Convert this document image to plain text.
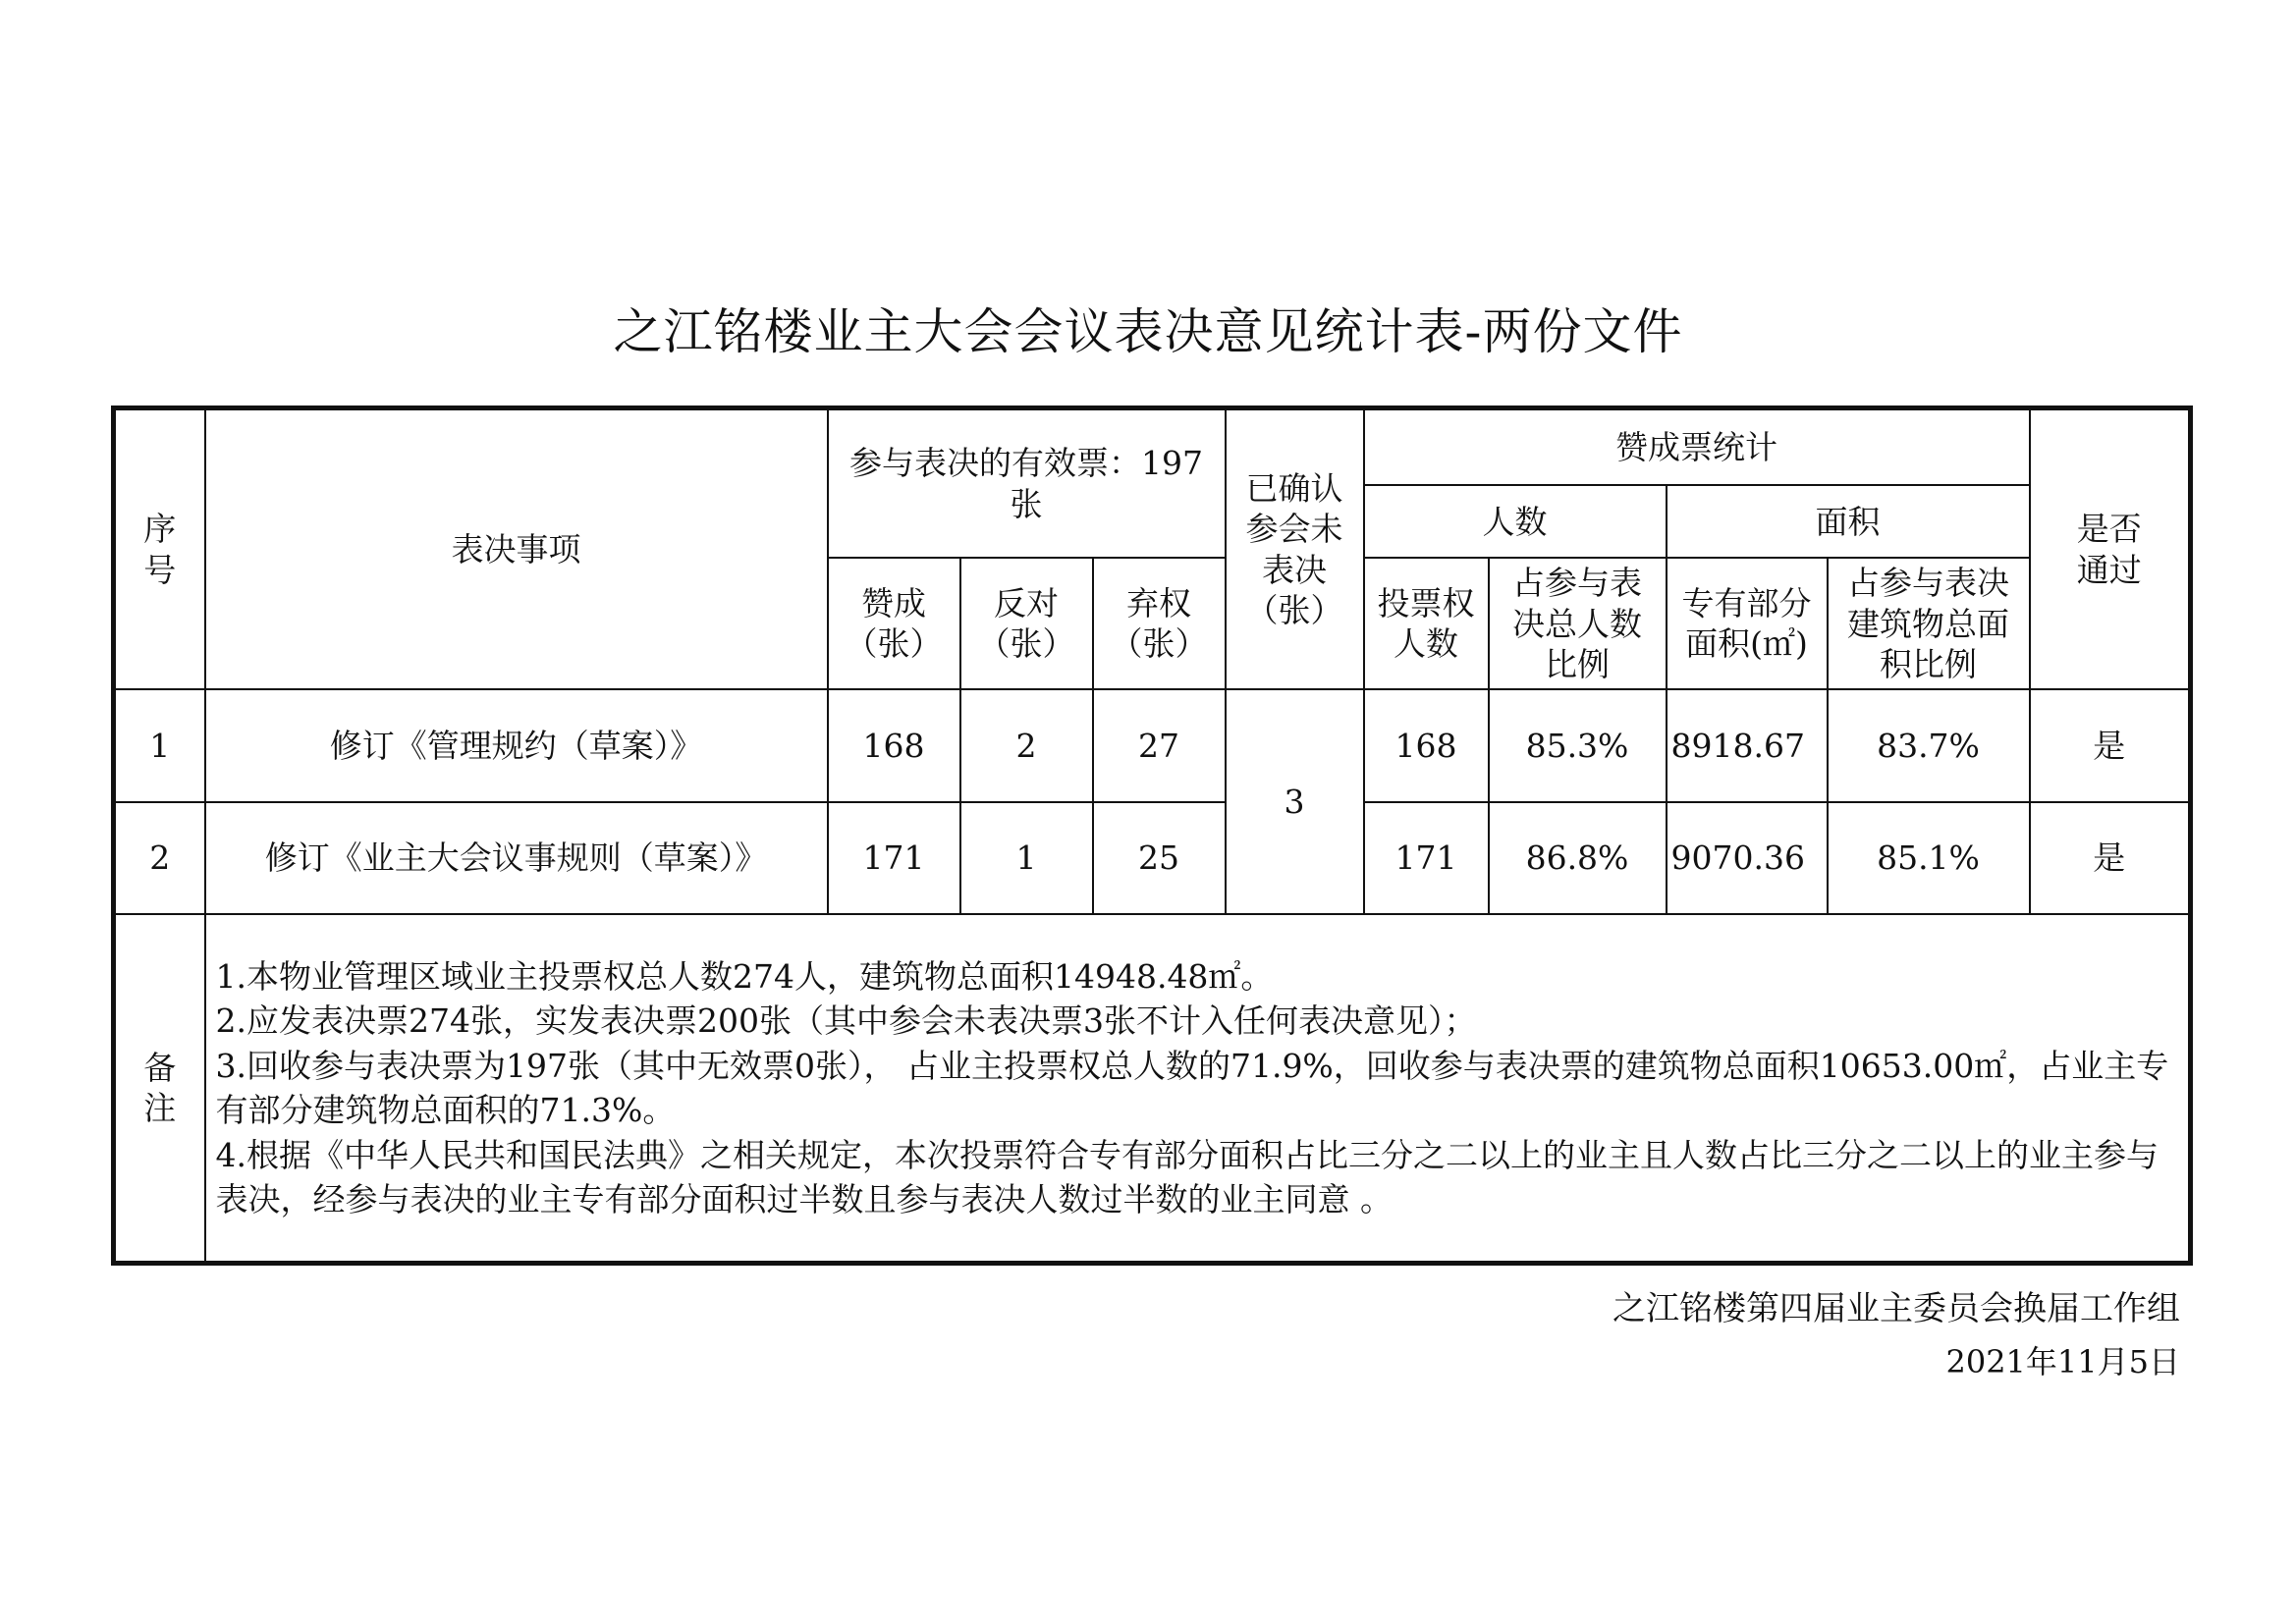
之江铭楼业主大会会议表决意见统计表-两份文件
序号	表决事项	参与表决的有效票：197张			已确认参会未表决（张）	赞成票统计				是否通过
						人数		面积		
		赞成（张）	反对（张）	弃权（张）		投票权人数	占参与表决总人数比例	专有部分面积(㎡)	占参与表决建筑物总面积比例	
1	修订《管理规约（草案）》	168	2	27	3	168	85.3%	8918.67	83.7%	是
2	修订《业主大会议事规则（草案）》	171	1	25		171	86.8%	9070.36	85.1%	是
备注	1.本物业管理区域业主投票权总人数274人，建筑物总面积14948.48㎡。
2.应发表决票274张，实发表决票200张（其中参会未表决票3张不计入任何表决意见）；
3.回收参与表决票为197张（其中无效票0张）， 占业主投票权总人数的71.9%，回收参与表决票的建筑物总面积10653.00㎡，占业主专有部分建筑物总面积的71.3%。
4.根据《中华人民共和国民法典》之相关规定，本次投票符合专有部分面积占比三分之二以上的业主且人数占比三分之二以上的业主参与表决，经参与表决的业主专有部分面积过半数且参与表决人数过半数的业主同意 。									
之江铭楼第四届业主委员会换届工作组
2021年11月5日
